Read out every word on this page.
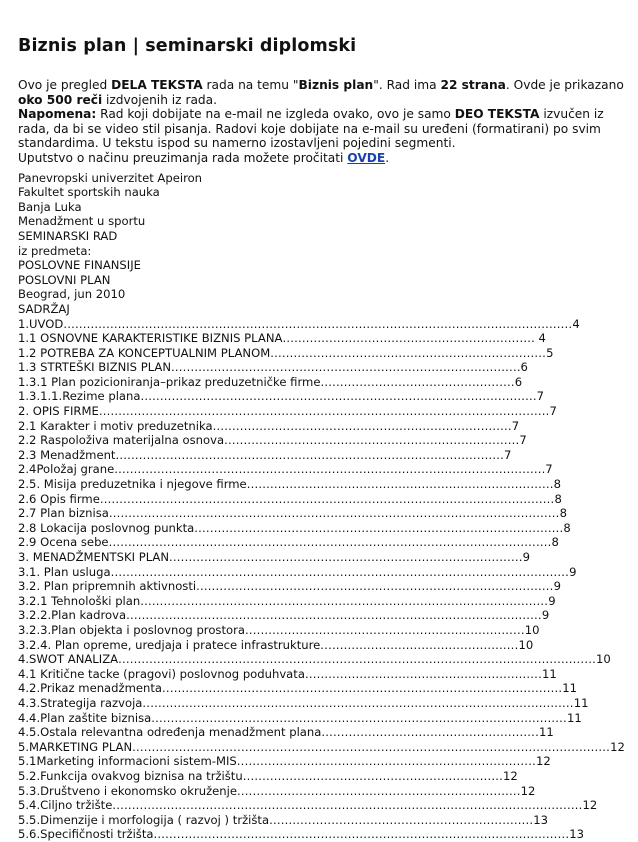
Biznis plan | seminarski diplomski

Ovo je pregled DELA TEKSTA rada na temu "Biznis plan". Rad ima 22 strana. Ovde je prikazano oko 500 reči izdvojenih iz rada.

Napomena: Rad koji dobijate na e-mail ne izgleda ovako, ovo je samo DEO TEKSTA izvučen iz rada, da bi se video stil pisanja. Radovi koje dobijate na e-mail su uređeni (formatirani) po svim standardima. U tekstu ispod su namerno izostavljeni pojedini segmenti.

Uputstvo o načinu preuzimanja rada možete pročitati OVDE.

Panevropski univerzitet Apeiron
Fakultet sportskih nauka
Banja Luka
Menadžment u sportu
SEMINARSKI RAD
iz predmeta:
POSLOVNE FINANSIJE
POSLOVNI PLAN
Beograd, jun 2010
SADRŽAJ
1.UVOD...................................................................................................................................4
1.1 OSNOVNE KARAKTERISTIKE BIZNIS PLANA................................................................. 4
1.2 POTREBA ZA KONCEPTUALNIM PLANOM.......................................................................5
1.3 STRTEŠKI BIZNIS PLAN..........................................................................................6
1.3.1 Plan pozicioniranja–prikaz preduzetničke firme..................................................6
1.3.1.1.Rezime plana......................................................................................................7
2. OPIS FIRME....................................................................................................................7
2.1 Karakter i motiv preduzetnika.............................................................................7
2.2 Raspoloživa materijalna osnova............................................................................7
2.3 Menadžment....................................................................................................7
2.4Položaj grane...............................................................................................................7
2.5. Misija preduzetnika i njegove firme...............................................................................8
2.6 Opis firme.....................................................................................................................8
2.7 Plan biznisa....................................................................................................................8
2.8 Lokacija poslovnog punkta...............................................................................................8
2.9 Ocena sebe..................................................................................................................8
3. MENADŽMENTSKI PLAN...........................................................................................9
3.1. Plan usluga......................................................................................................................9
3.2. Plan pripremnih aktivnosti............................................................................................9
3.2.1 Tehnološki plan.........................................................................................................9
3.2.2.Plan kadrova...........................................................................................................9
3.2.3.Plan objekta i poslovnog prostora........................................................................10
3.2.4. Plan opreme, uredjaja i pratece infrastrukture...................................................10
4.SWOT ANALIZA...........................................................................................................................10
4.1 Kritične tacke (pragovi) poslovnog poduhvata.............................................................11
4.2.Prikaz menadžmenta.......................................................................................................11
4.3.Strategija razvoja...............................................................................................................11
4.4.Plan zaštite biznisa...........................................................................................................11
4.5.Ostala relevantna određenja menadžment plana........................................................11
5.MARKETING PLAN...........................................................................................................................12
5.1Marketing informacioni sistem-MIS.............................................................................12
5.2.Funkcija ovakvog biznisa na tržištu...................................................................12
5.3.Društveno i ekonomsko okruženje.........................................................................12
5.4.Ciljno tržište.........................................................................................................................12
5.5.Dimenzije i morfologija ( razvoj ) tržišta....................................................................13
5.6.Specifičnosti tržišta...........................................................................................................13
